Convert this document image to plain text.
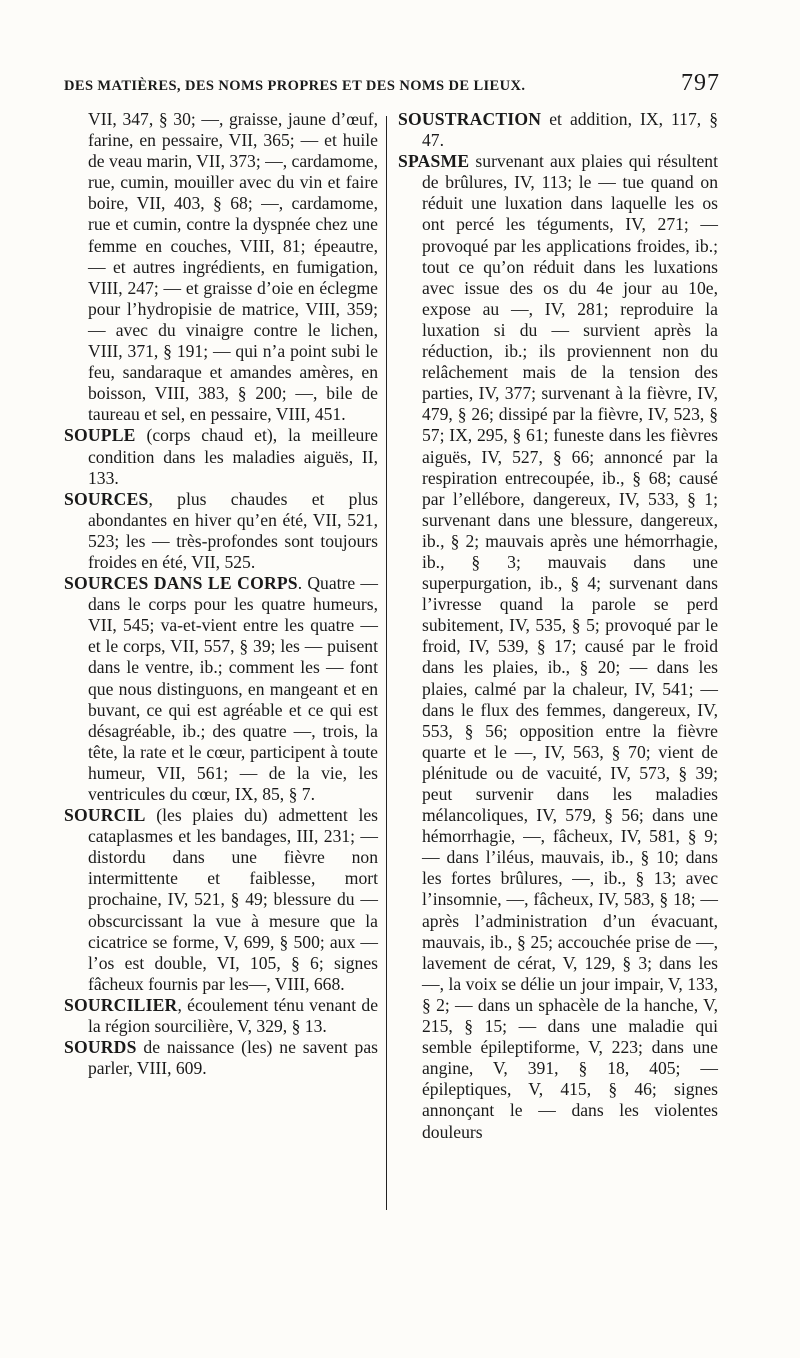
DES MATIÈRES, DES NOMS PROPRES ET DES NOMS DE LIEUX.	797

VII, 347, § 30; —, graisse, jaune d’œuf, farine, en pessaire, VII, 365; — et huile de veau marin, VII, 373; —, cardamome, rue, cumin, mouiller avec du vin et faire boire, VII, 403, § 68; —, cardamome, rue et cumin, contre la dyspnée chez une femme en couches, VIII, 81; épeautre, — et autres ingrédients, en fumigation, VIII, 247; — et graisse d’oie en éclegme pour l’hydropisie de matrice, VIII, 359; — avec du vinaigre contre le lichen, VIII, 371, § 191; — qui n’a point subi le feu, sandaraque et amandes amères, en boisson, VIII, 383, § 200; —, bile de taureau et sel, en pessaire, VIII, 451.

SOUPLE (corps chaud et), la meilleure condition dans les maladies aiguës, II, 133.

SOURCES, plus chaudes et plus abondantes en hiver qu’en été, VII, 521, 523; les — très-profondes sont toujours froides en été, VII, 525.

SOURCES DANS LE CORPS. Quatre — dans le corps pour les quatre humeurs, VII, 545; va-et-vient entre les quatre — et le corps, VII, 557, § 39; les — puisent dans le ventre, ib.; comment les — font que nous distinguons, en mangeant et en buvant, ce qui est agréable et ce qui est désagréable, ib.; des quatre —, trois, la tête, la rate et le cœur, participent à toute humeur, VII, 561; — de la vie, les ventricules du cœur, IX, 85, § 7.

SOURCIL (les plaies du) admettent les cataplasmes et les bandages, III, 231; — distordu dans une fièvre non intermittente et faiblesse, mort prochaine, IV, 521, § 49; blessure du — obscurcissant la vue à mesure que la cicatrice se forme, V, 699, § 500; aux — l’os est double, VI, 105, § 6; signes fâcheux fournis par les—, VIII, 668.

SOURCILIER, écoulement ténu venant de la région sourcilière, V, 329, § 13.

SOURDS de naissance (les) ne savent pas parler, VIII, 609.

SOUSTRACTION et addition, IX, 117, § 47.

SPASME survenant aux plaies qui résultent de brûlures, IV, 113; le — tue quand on réduit une luxation dans laquelle les os ont percé les téguments, IV, 271; — provoqué par les applications froides, ib.; tout ce qu’on réduit dans les luxations avec issue des os du 4e jour au 10e, expose au —, IV, 281; reproduire la luxation si du — survient après la réduction, ib.; ils proviennent non du relâchement mais de la tension des parties, IV, 377; survenant à la fièvre, IV, 479, § 26; dissipé par la fièvre, IV, 523, § 57; IX, 295, § 61; funeste dans les fièvres aiguës, IV, 527, § 66; annoncé par la respiration entrecoupée, ib., § 68; causé par l’ellébore, dangereux, IV, 533, § 1; survenant dans une blessure, dangereux, ib., § 2; mauvais après une hémorrhagie, ib., § 3; mauvais dans une superpurgation, ib., § 4; survenant dans l’ivresse quand la parole se perd subitement, IV, 535, § 5; provoqué par le froid, IV, 539, § 17; causé par le froid dans les plaies, ib., § 20; — dans les plaies, calmé par la chaleur, IV, 541; — dans le flux des femmes, dangereux, IV, 553, § 56; opposition entre la fièvre quarte et le —, IV, 563, § 70; vient de plénitude ou de vacuité, IV, 573, § 39; peut survenir dans les maladies mélancoliques, IV, 579, § 56; dans une hémorrhagie, —, fâcheux, IV, 581, § 9; — dans l’iléus, mauvais, ib., § 10; dans les fortes brûlures, —, ib., § 13; avec l’insomnie, —, fâcheux, IV, 583, § 18; — après l’administration d’un évacuant, mauvais, ib., § 25; accouchée prise de —, lavement de cérat, V, 129, § 3; dans les —, la voix se délie un jour impair, V, 133, § 2; — dans un sphacèle de la hanche, V, 215, § 15; — dans une maladie qui semble épileptiforme, V, 223; dans une angine, V, 391, § 18, 405; — épileptiques, V, 415, § 46; signes annonçant le — dans les violentes douleurs
